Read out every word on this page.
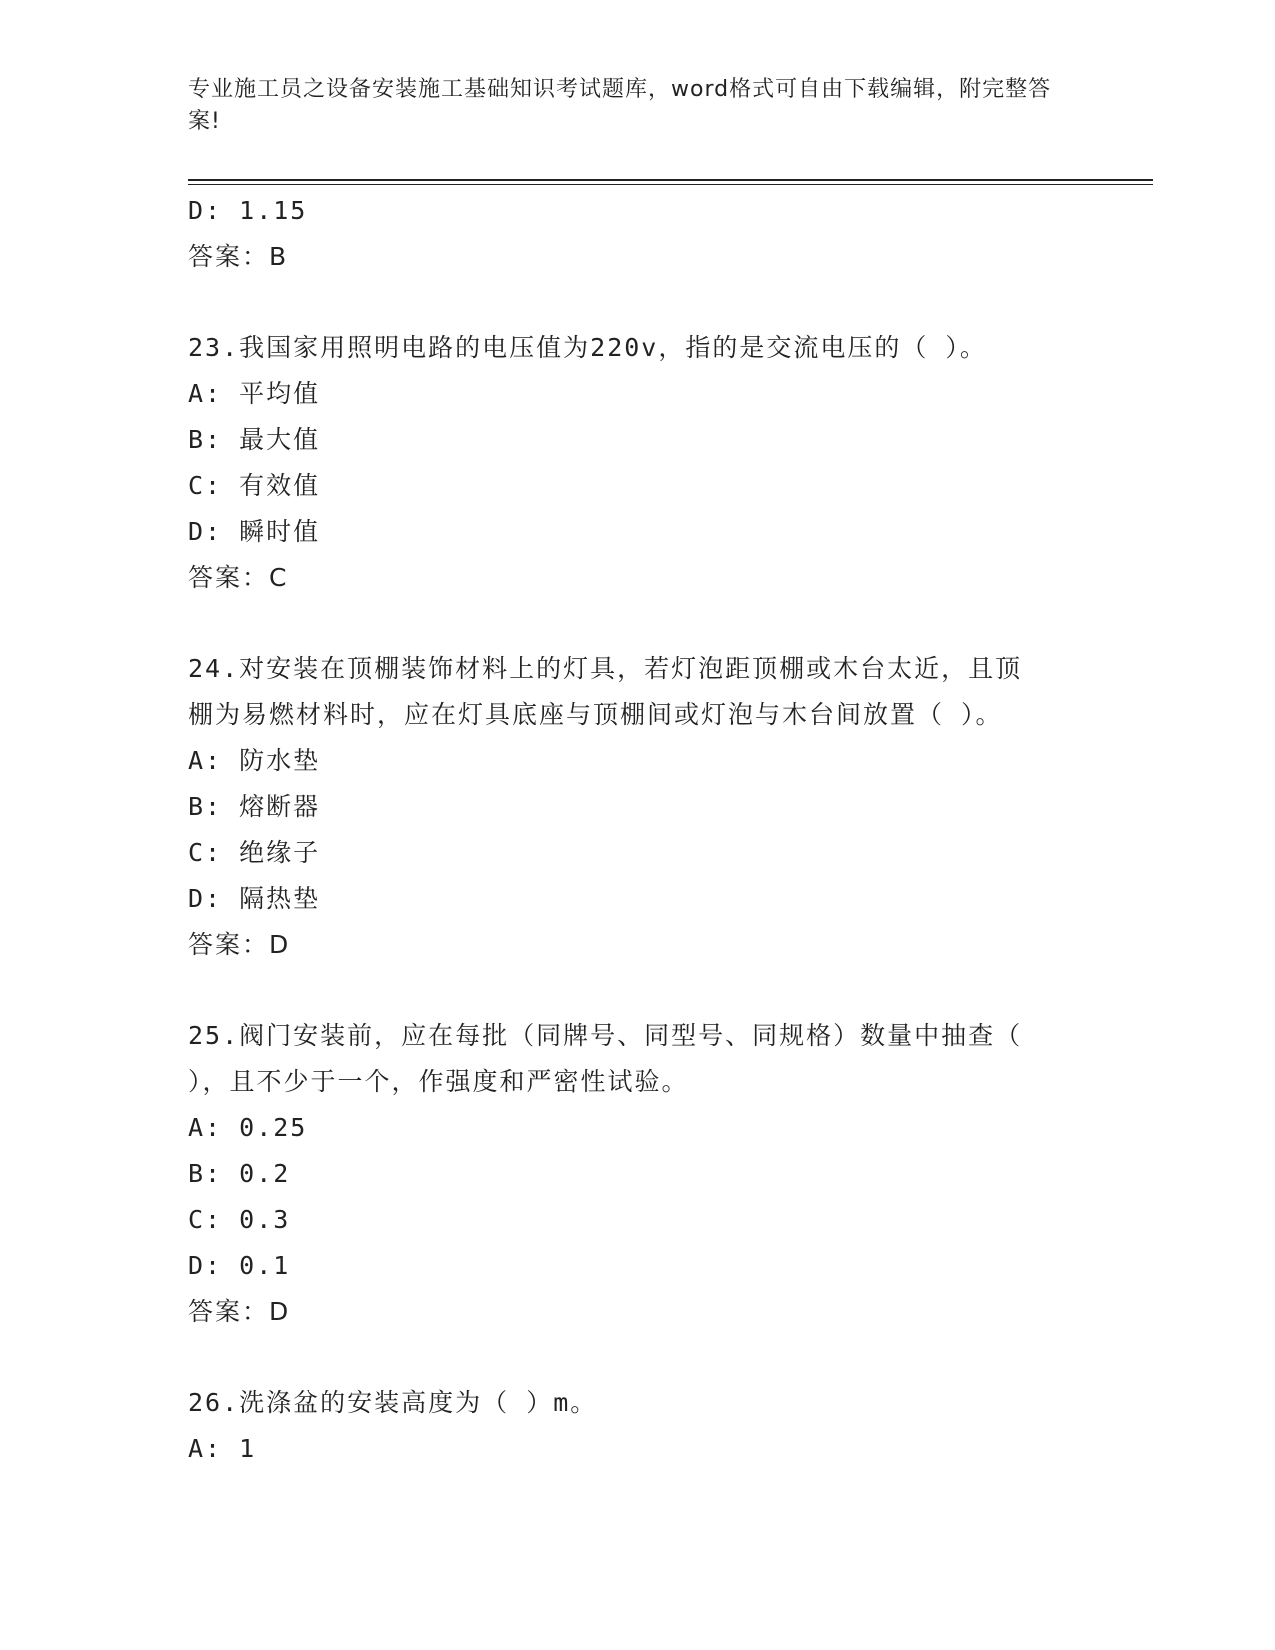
专业施工员之设备安装施工基础知识考试题库，word格式可自由下载编辑，附完整答案!
D: 1.15
答案：B
23.我国家用照明电路的电压值为220v，指的是交流电压的（ ）。
A: 平均值
B: 最大值
C: 有效值
D: 瞬时值
答案：C
24.对安装在顶棚装饰材料上的灯具，若灯泡距顶棚或木台太近，且顶
棚为易燃材料时，应在灯具底座与顶棚间或灯泡与木台间放置（ ）。
A: 防水垫
B: 熔断器
C: 绝缘子
D: 隔热垫
答案：D
25.阀门安装前，应在每批（同牌号、同型号、同规格）数量中抽查（
），且不少于一个，作强度和严密性试验。
A: 0.25
B: 0.2
C: 0.3
D: 0.1
答案：D
26.洗涤盆的安装高度为（ ）m。
A: 1
